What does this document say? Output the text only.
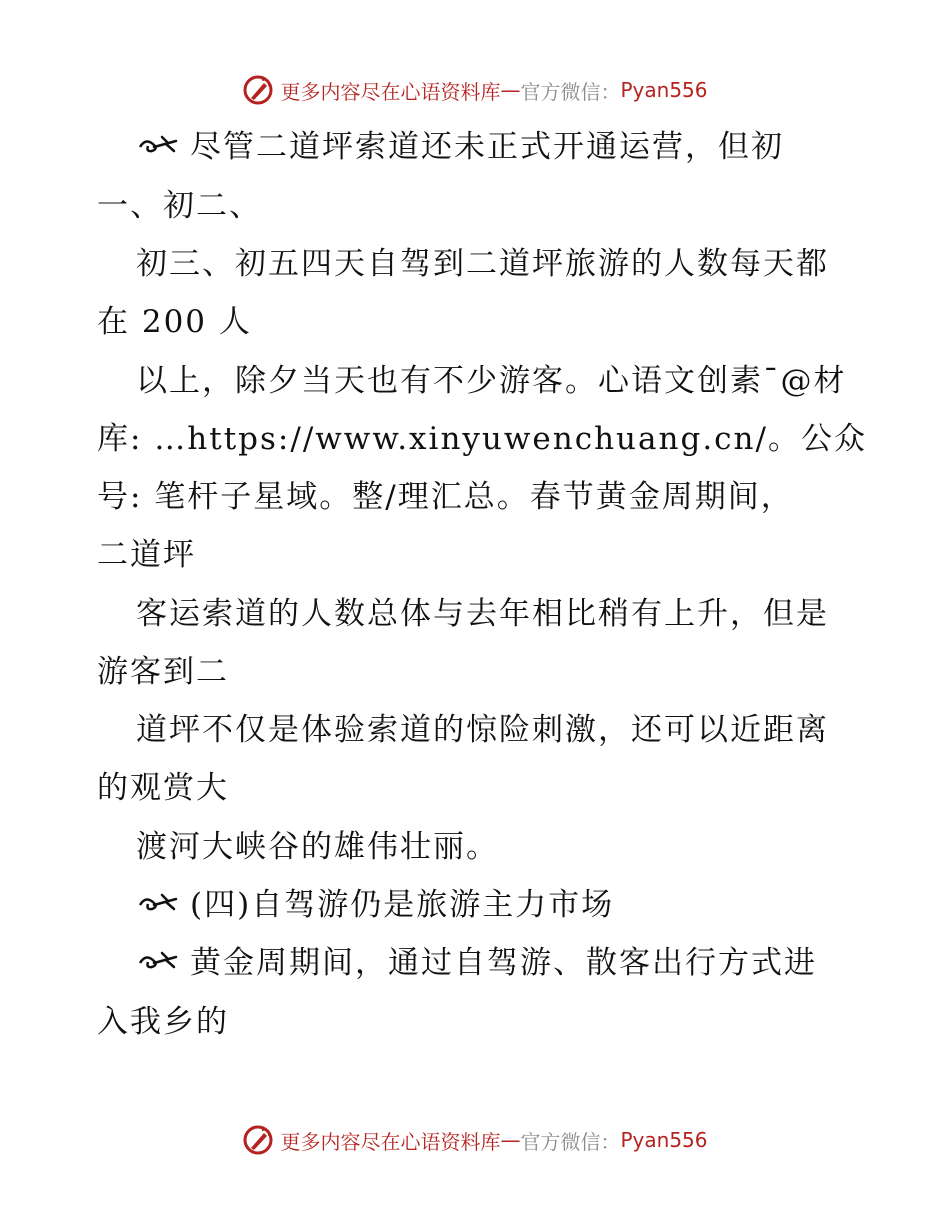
更多内容尽在心语资料库 — 官方微信： Pyan556
尽管二道坪索道还未正式开通运营，但初
一、初二、
初三、初五四天自驾到二道坪旅游的人数每天都
在 200 人
以上，除夕当天也有不少游客。心语文创素¯@材
库: …https://www.xinyuwenchuang.cn/。公众
号: 笔杆子星域。整/理汇总。春节黄金周期间，
二道坪
客运索道的人数总体与去年相比稍有上升，但是
游客到二
道坪不仅是体验索道的惊险刺激，还可以近距离
的观赏大
渡河大峡谷的雄伟壮丽。
(四)自驾游仍是旅游主力市场
黄金周期间，通过自驾游、散客出行方式进
入我乡的
更多内容尽在心语资料库 — 官方微信： Pyan556
